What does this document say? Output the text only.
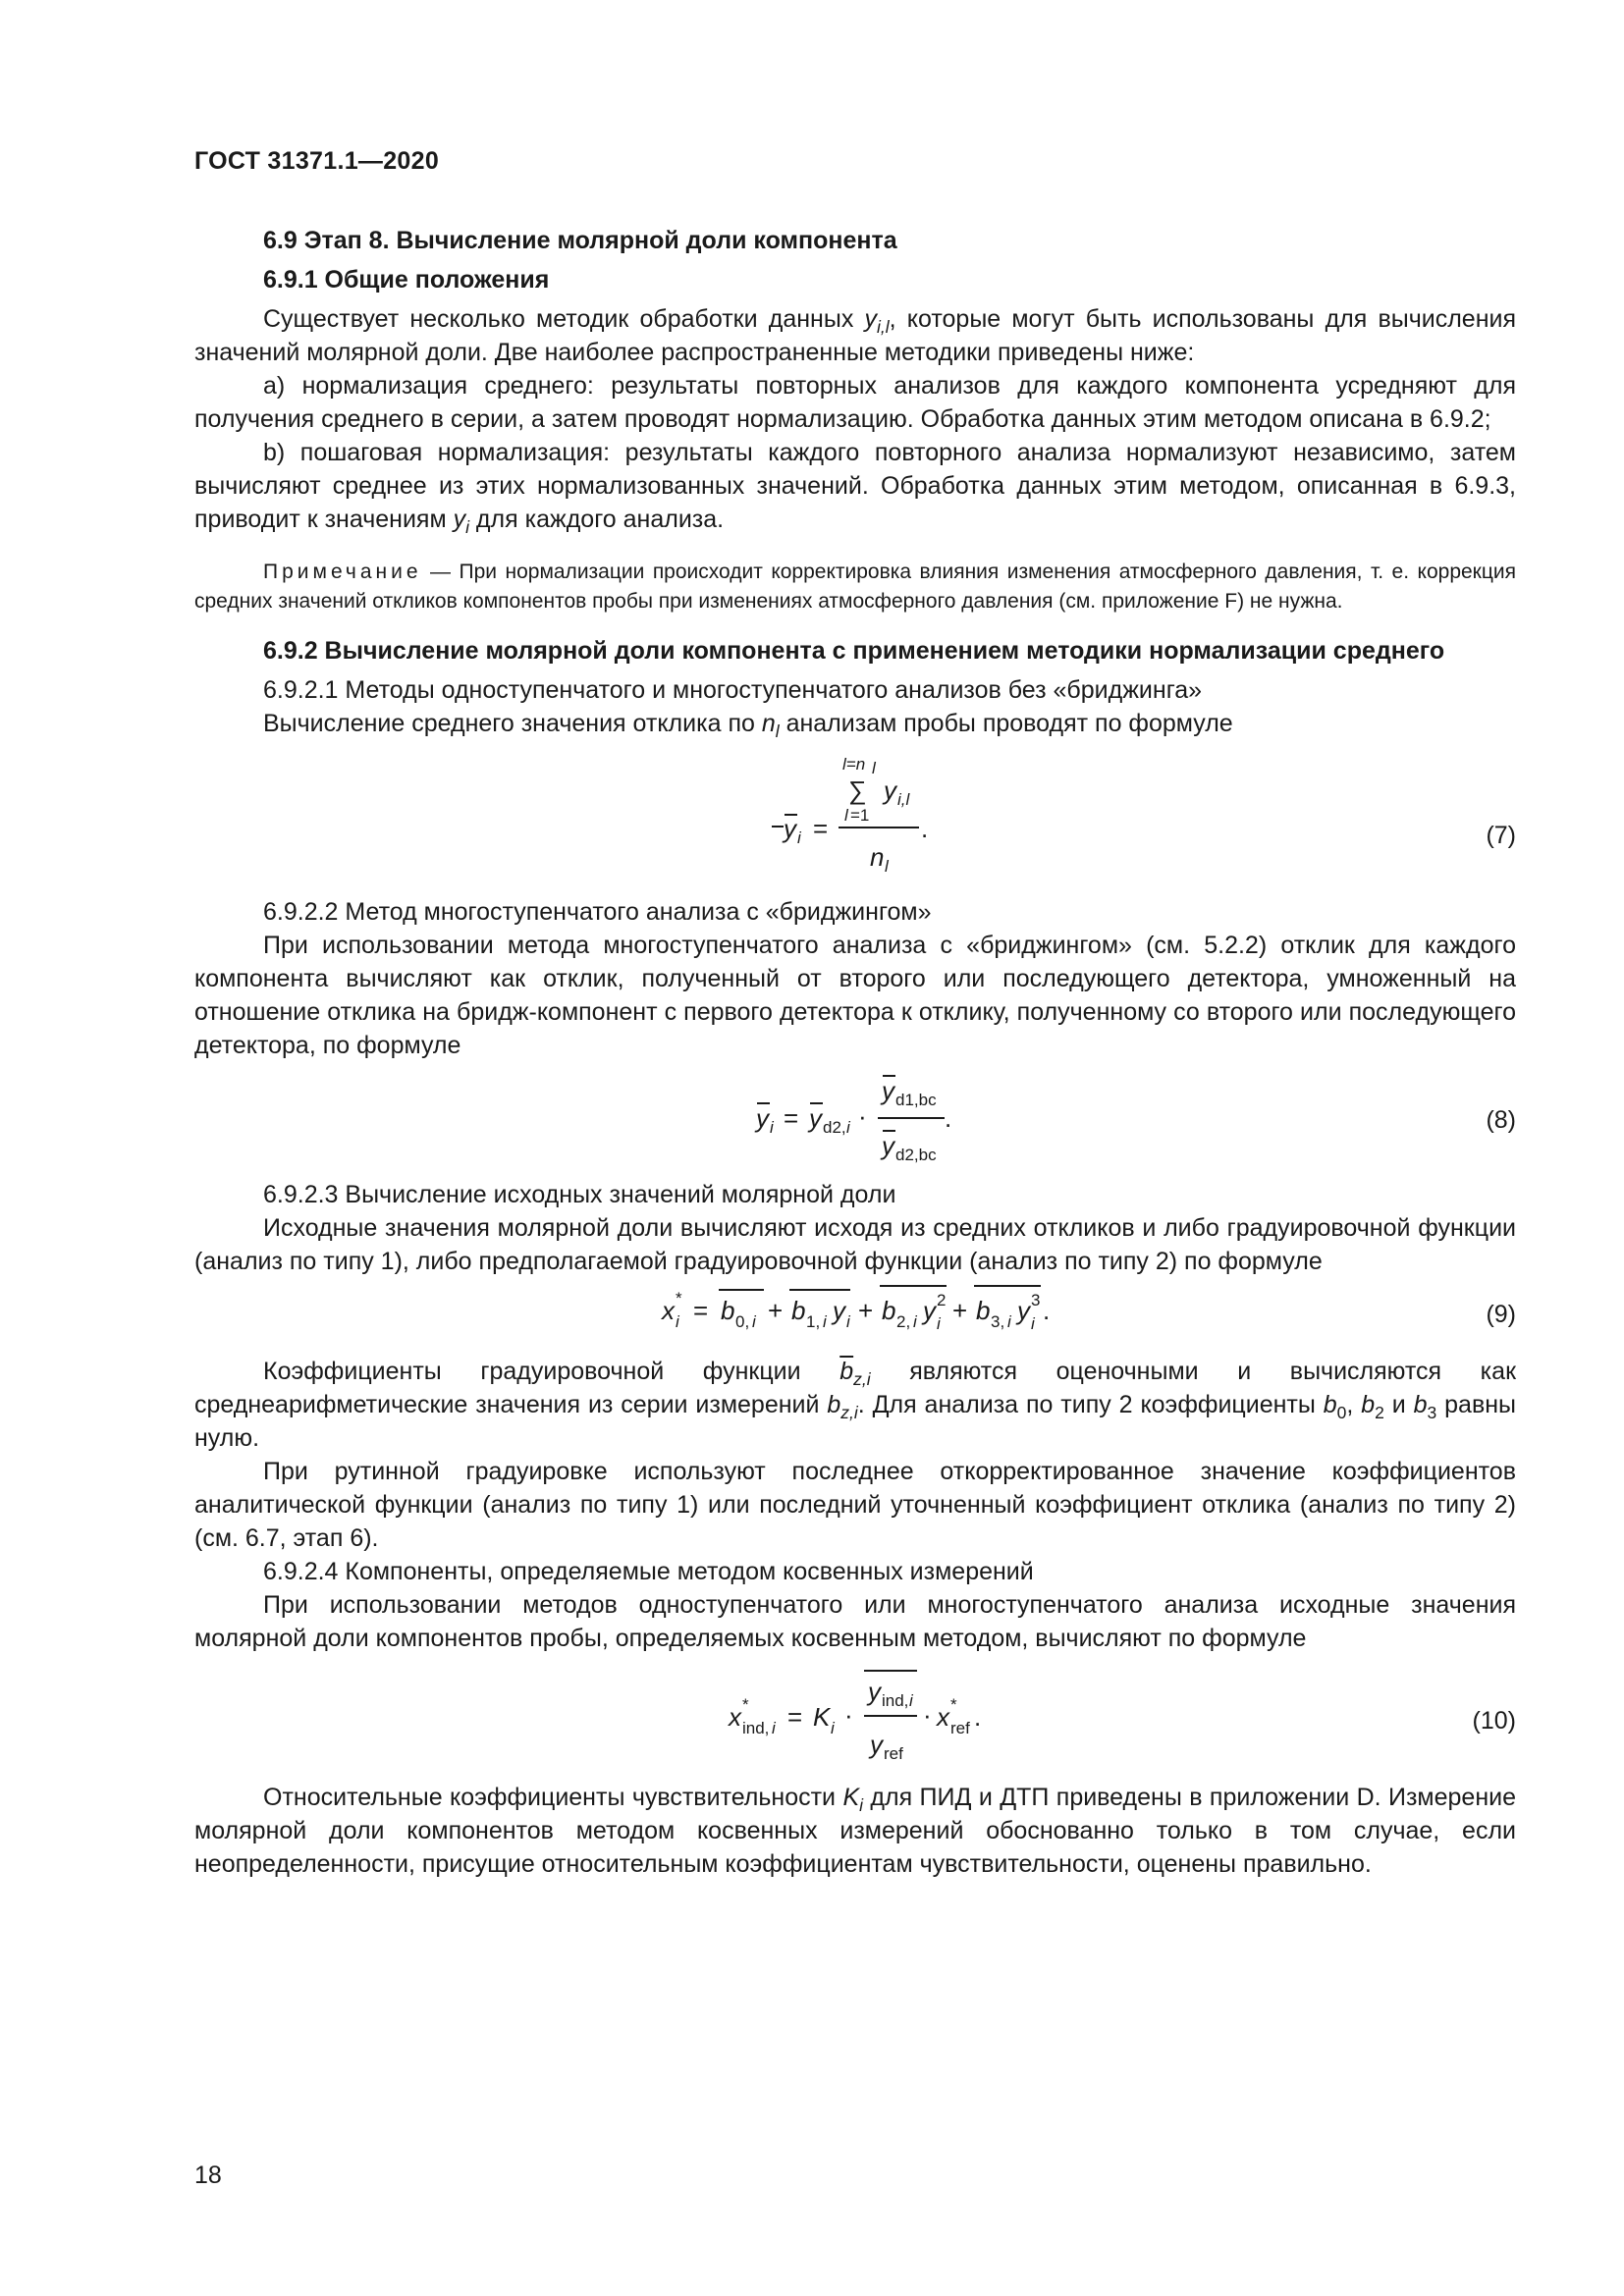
ГОСТ 31371.1—2020

6.9 Этап 8. Вычисление молярной доли компонента

6.9.1 Общие положения

Существует несколько методик обработки данных $y_{i,l}$, которые могут быть использованы для вычисления значений молярной доли. Две наиболее распространенные методики приведены ниже:

а) нормализация среднего: результаты повторных анализов для каждого компонента усредняют для получения среднего в серии, а затем проводят нормализацию. Обработка данных этим методом описана в 6.9.2;

b) пошаговая нормализация: результаты каждого повторного анализа нормализуют независимо, затем вычисляют среднее из этих нормализованных значений. Обработка данных этим методом, описанная в 6.9.3, приводит к значениям $y_i$ для каждого анализа.

Примечание — При нормализации происходит корректировка влияния изменения атмосферного давления, т. е. коррекция средних значений откликов компонентов пробы при изменениях атмосферного давления (см. приложение F) не нужна.

6.9.2 Вычисление молярной доли компонента с применением методики нормализации среднего

6.9.2.1 Методы одноступенчатого и многоступенчатого анализов без «бриджинга»

Вычисление среднего значения отклика по $n_l$ анализам пробы проводят по формуле

l=n l
∑ y i,l
l =1
y i =	.
n l
(7)

6.9.2.2 Метод многоступенчатого анализа с «бриджингом»

При использовании метода многоступенчатого анализа с «бриджингом» (см. 5.2.2) отклик для каждого компонента вычисляют как отклик, полученный от второго или последующего детектора, умноженный на отношение отклика на бридж-компонент с первого детектора к отклику, полученному со второго или последующего детектора, по формуле

y i = y d2, i ·
y d1,bc
.
y d2,bc
(8)

6.9.2.3 Вычисление исходных значений молярной доли

Исходные значения молярной доли вычисляют исходя из средних откликов и либо градуировочной функции (анализ по типу 1), либо предполагаемой градуировочной функции (анализ по типу 2) по формуле

x *
i = b 0, i + b 1, i y i + b 2, i y 2
i + b 3, i y 3
i .	(9)

Коэффициенты градуировочной функции $\overline{b}_{z,i}$ являются оценочными и вычисляются как среднеарифметические значения из серии измерений $b_{z,i}$. Для анализа по типу 2 коэффициенты $b_0$, $b_2$ и $b_3$ равны нулю.

При рутинной градуировке используют последнее откорректированное значение коэффициентов аналитической функции (анализ по типу 1) или последний уточненный коэффициент отклика (анализ по типу 2) (см. 6.7, этап 6).

6.9.2.4 Компоненты, определяемые методом косвенных измерений

При использовании методов одноступенчатого или многоступенчатого анализа исходные значения молярной доли компонентов пробы, определяемых косвенным методом, вычисляют по формуле

x *
ind, i = K i ·
y ind, i
y ref
· x *
ref .	(10)

Относительные коэффициенты чувствительности $K_i$ для ПИД и ДТП приведены в приложении D. Измерение молярной доли компонентов методом косвенных измерений обоснованно только в том случае, если неопределенности, присущие относительным коэффициентам чувствительности, оценены правильно.

18
